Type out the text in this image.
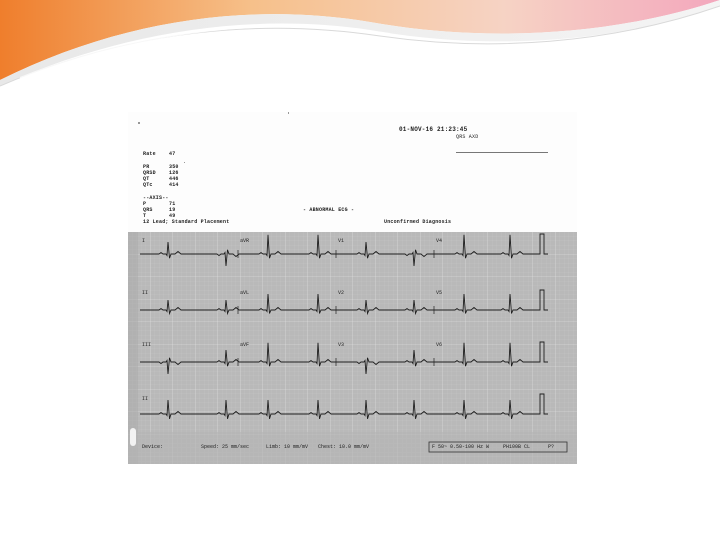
01-NOV-16 21:23:45
QRS AXD
Rate	47
PR	350
QRSD	126
QT	446
QTc	414
--AXIS--
P	71
QRS	19
T	49
12 Lead; Standard Placement
- ABNORMAL ECG -
Unconfirmed Diagnosis
I	aVR	V1	V4
II	aVL	V2	V5
III	aVF	V3	V6
II
Device:	Speed: 25 mm/sec	Limb: 10 mm/mV Chest: 10.0 mm/mV	F 50~ 0.50-100 Hz W	PH100B CL	P?
